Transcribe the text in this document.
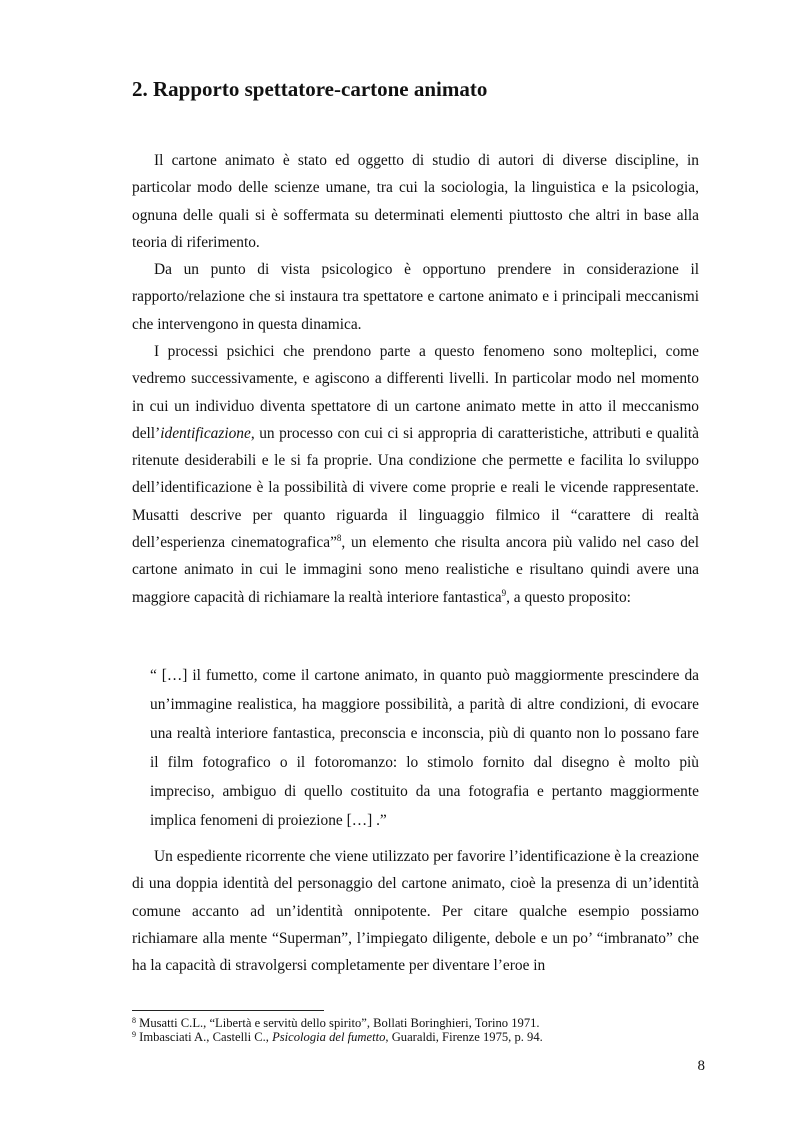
2. Rapporto spettatore-cartone animato

Il cartone animato è stato ed oggetto di studio di autori di diverse discipline, in particolar modo delle scienze umane, tra cui la sociologia, la linguistica e la psicologia, ognuna delle quali si è soffermata su determinati elementi piuttosto che altri in base alla teoria di riferimento.

Da un punto di vista psicologico è opportuno prendere in considerazione il rapporto/relazione che si instaura tra spettatore e cartone animato e i principali meccanismi che intervengono in questa dinamica.

I processi psichici che prendono parte a questo fenomeno sono molteplici, come vedremo successivamente, e agiscono a differenti livelli. In particolar modo nel momento in cui un individuo diventa spettatore di un cartone animato mette in atto il meccanismo dell’identificazione, un processo con cui ci si appropria di caratteristiche, attributi e qualità ritenute desiderabili e le si fa proprie. Una condizione che permette e facilita lo sviluppo dell’identificazione è la possibilità di vivere come proprie e reali le vicende rappresentate. Musatti descrive per quanto riguarda il linguaggio filmico il “carattere di realtà dell’esperienza cinematografica”$^8$, un elemento che risulta ancora più valido nel caso del cartone animato in cui le immagini sono meno realistiche e risultano quindi avere una maggiore capacità di richiamare la realtà interiore fantastica$^9$, a questo proposito:

“ […] il fumetto, come il cartone animato, in quanto può maggiormente prescindere da un’immagine realistica, ha maggiore possibilità, a parità di altre condizioni, di evocare una realtà interiore fantastica, preconscia e inconscia, più di quanto non lo possano fare il film fotografico o il fotoromanzo: lo stimolo fornito dal disegno è molto più impreciso, ambiguo di quello costituito da una fotografia e pertanto maggiormente implica fenomeni di proiezione […] .”

Un espediente ricorrente che viene utilizzato per favorire l’identificazione è la creazione di una doppia identità del personaggio del cartone animato, cioè la presenza di un’identità comune accanto ad un’identità onnipotente. Per citare qualche esempio possiamo richiamare alla mente “Superman”, l’impiegato diligente, debole e un po’ “imbranato” che ha la capacità di stravolgersi completamente per diventare l’eroe in

$^8$ Musatti C.L., “Libertà e servitù dello spirito”, Bollati Boringhieri, Torino 1971.
$^9$ Imbasciati A., Castelli C., Psicologia del fumetto, Guaraldi, Firenze 1975, p. 94.
8
